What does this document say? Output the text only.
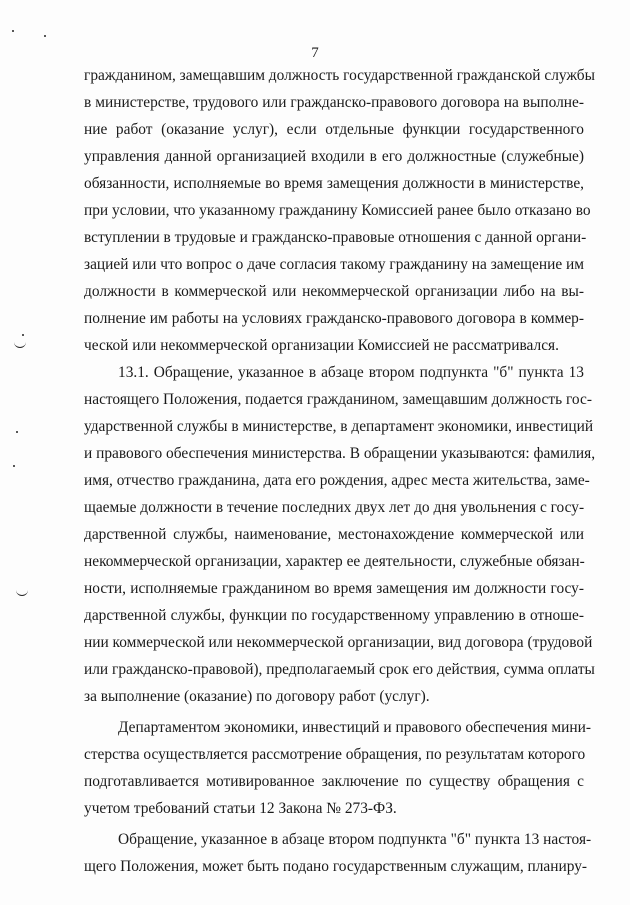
7
гражданином, замещавшим должность государственной гражданской службы
в министерстве, трудового или гражданско-правового договора на выполне-
ние работ (оказание услуг), если отдельные функции государственного
управления данной организацией входили в его должностные (служебные)
обязанности, исполняемые во время замещения должности в министерстве,
при условии, что указанному гражданину Комиссией ранее было отказано во
вступлении в трудовые и гражданско-правовые отношения с данной органи-
зацией или что вопрос о даче согласия такому гражданину на замещение им
должности в коммерческой или некоммерческой организации либо на вы-
полнение им работы на условиях гражданско-правового договора в коммер-
ческой или некоммерческой организации Комиссией не рассматривался.
13.1. Обращение, указанное в абзаце втором подпункта "б" пункта 13
настоящего Положения, подается гражданином, замещавшим должность гос-
ударственной службы в министерстве, в департамент экономики, инвестиций
и правового обеспечения министерства. В обращении указываются: фамилия,
имя, отчество гражданина, дата его рождения, адрес места жительства, заме-
щаемые должности в течение последних двух лет до дня увольнения с госу-
дарственной службы, наименование, местонахождение коммерческой или
некоммерческой организации, характер ее деятельности, служебные обязан-
ности, исполняемые гражданином во время замещения им должности госу-
дарственной службы, функции по государственному управлению в отноше-
нии коммерческой или некоммерческой организации, вид договора (трудовой
или гражданско-правовой), предполагаемый срок его действия, сумма оплаты
за выполнение (оказание) по договору работ (услуг).
Департаментом экономики, инвестиций и правового обеспечения мини-
стерства осуществляется рассмотрение обращения, по результатам которого
подготавливается мотивированное заключение по существу обращения с
учетом требований статьи 12 Закона № 273-ФЗ.
Обращение, указанное в абзаце втором подпункта "б" пункта 13 настоя-
щего Положения, может быть подано государственным служащим, планиру-
